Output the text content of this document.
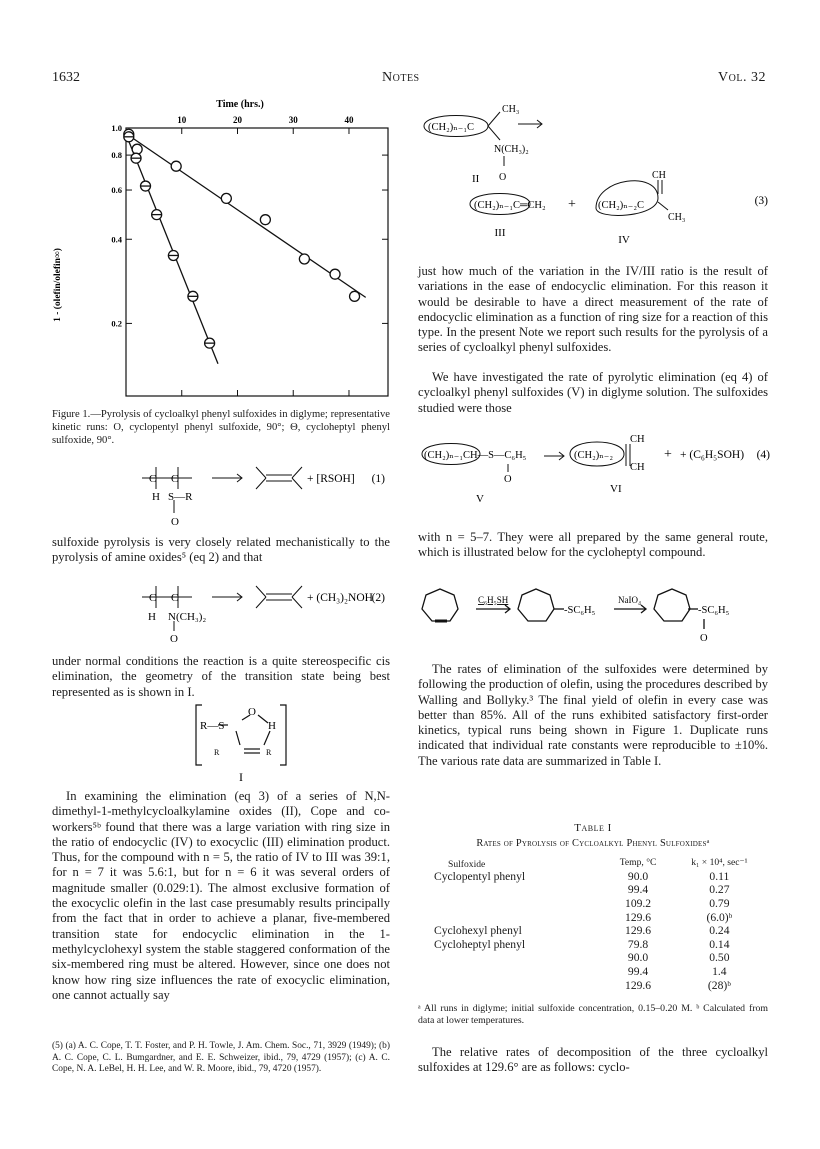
1632	Notes	Vol. 32
Time (hrs.)
1 - (olefin/olefin∞)
10	20	30	40
1.0
0.8
0.6
0.4
0.2
Figure 1.—Pyrolysis of cycloalkyl phenyl sulfoxides in diglyme; representative kinetic runs: O, cyclopentyl phenyl sulfoxide, 90°; Θ, cycloheptyl phenyl sulfoxide, 90°.
C C
H S—R
O
+ [RSOH] (1)

sulfoxide pyrolysis is very closely related mechanistically to the pyrolysis of amine oxides⁵ (eq 2) and that

C C
H N(CH₃)₂
O
+ (CH₃)₂NOH
(2)

under normal conditions the reaction is a quite stereospecific cis elimination, the geometry of the transition state being best represented as is shown in I.

R—S
O
H
R	R
I

In examining the elimination (eq 3) of a series of N,N-dimethyl-1-methylcycloalkylamine oxides (II), Cope and co-workers⁵ᵇ found that there was a large variation with ring size in the ratio of endocyclic (IV) to exocyclic (III) elimination product. Thus, for the compound with n = 5, the ratio of IV to III was 39:1, for n = 7 it was 5.6:1, but for n = 6 it was several orders of magnitude smaller (0.029:1). The almost exclusive formation of the exocyclic olefin in the last case presumably results principally from the fact that in order to achieve a planar, five-membered transition state for endocyclic elimination in the 1-methylcyclohexyl system the stable staggered conformation of the six-membered ring must be altered. However, since one does not know how ring size influences the rate of exocyclic elimination, one cannot actually say

(5) (a) A. C. Cope, T. T. Foster, and P. H. Towle, J. Am. Chem. Soc., 71, 3929 (1949); (b) A. C. Cope, C. L. Bumgardner, and E. E. Schweizer, ibid., 79, 4729 (1957); (c) A. C. Cope, N. A. LeBel, H. H. Lee, and W. R. Moore, ibid., 79, 4720 (1957).
(CH₂)ₙ₋₁C
CH₃
N(CH₃)₂
O
II
(CH₂)ₙ₋₁C═CH₂ + (CH₂)ₙ₋₂C
CH
CH₃
(3)
III
IV

just how much of the variation in the IV/III ratio is the result of variations in the ease of endocyclic elimination. For this reason it would be desirable to have a direct measurement of the rate of endocyclic elimination as a function of ring size for a reaction of this type. In the present Note we report such results for the pyrolysis of a series of cycloalkyl phenyl sulfoxides.

We have investigated the rate of pyrolytic elimination (eq 4) of cycloalkyl phenyl sulfoxides (V) in diglyme solution. The sulfoxides studied were those

(CH₂)ₙ₋₁CH—S—C₆H₅
O
(CH₂)ₙ₋₂
CH
CH
+ + (C₆H₅SOH) (4)
V
VI

with n = 5–7. They were all prepared by the same general route, which is illustrated below for the cycloheptyl compound.

C₆H₅SH
-SC₆H₅
NaIO₄
-SC₆H₅
O

The rates of elimination of the sulfoxides were determined by following the production of olefin, using the procedures described by Walling and Bollyky.³ The final yield of olefin in every case was better than 85%. All of the runs exhibited satisfactory first-order kinetics, typical runs being shown in Figure 1. Duplicate runs indicated that individual rate constants were reproducible to ±10%. The various rate data are summarized in Table I.

Table I
Rates of Pyrolysis of Cycloalkyl Phenyl Sulfoxidesᵃ
Sulfoxide	Temp, °C	k₁ × 10⁴, sec⁻¹
Cyclopentyl phenyl	90.0	0.11
	99.4	0.27
	109.2	0.79
	129.6	(6.0)ᵇ
Cyclohexyl phenyl	129.6	0.24
Cycloheptyl phenyl	79.8	0.14
	90.0	0.50
	99.4	1.4
	129.6	(28)ᵇ
ᵃ All runs in diglyme; initial sulfoxide concentration, 0.15–0.20 M. ᵇ Calculated from data at lower temperatures.

The relative rates of decomposition of the three cycloalkyl sulfoxides at 129.6° are as follows: cyclo-
